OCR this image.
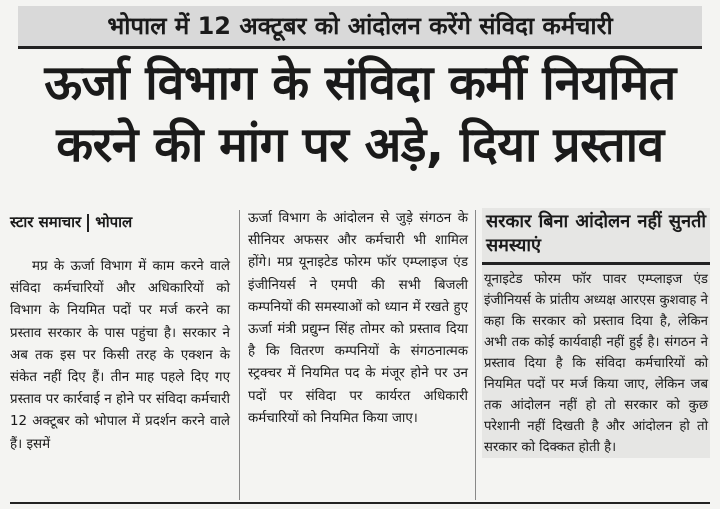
भोपाल में 12 अक्टूबर को आंदोलन करेंगे संविदा कर्मचारी
ऊर्जा विभाग के संविदा कर्मी नियमित
करने की मांग पर अड़े, दिया प्रस्ताव
स्टार समाचार भोपाल

मप्र के ऊर्जा विभाग में काम करने वाले संविदा कर्मचारियों और अधिकारियों को विभाग के नियमित पदों पर मर्ज करने का प्रस्ताव सरकार के पास पहुंचा है। सरकार ने अब तक इस पर किसी तरह के एक्शन के संकेत नहीं दिए हैं। तीन माह पहले दिए गए प्रस्ताव पर कार्रवाई न होने पर संविदा कर्मचारी 12 अक्टूबर को भोपाल में प्रदर्शन करने वाले हैं। इसमें

ऊर्जा विभाग के आंदोलन से जुड़े संगठन के सीनियर अफसर और कर्मचारी भी शामिल होंगे। मप्र यूनाइटेड फोरम फॉर एम्प्लाइज एंड इंजीनियर्स ने एमपी की सभी बिजली कम्पनियों की समस्याओं को ध्यान में रखते हुए ऊर्जा मंत्री प्रद्युम्न सिंह तोमर को प्रस्ताव दिया है कि वितरण कम्पनियों के संगठनात्मक स्ट्रक्चर में नियमित पद के मंजूर होने पर उन पदों पर संविदा पर कार्यरत अधिकारी कर्मचारियों को नियमित किया जाए।

सरकार बिना आंदोलन नहीं सुनती समस्याएं
यूनाइटेड फोरम फॉर पावर एम्प्लाइज एंड इंजीनियर्स के प्रांतीय अध्यक्ष आरएस कुशवाह ने कहा कि सरकार को प्रस्ताव दिया है, लेकिन अभी तक कोई कार्यवाही नहीं हुई है। संगठन ने प्रस्ताव दिया है कि संविदा कर्मचारियों को नियमित पदों पर मर्ज किया जाए, लेकिन जब तक आंदोलन नहीं हो तो सरकार को कुछ परेशानी नहीं दिखती है और आंदोलन हो तो सरकार को दिक्कत होती है।
